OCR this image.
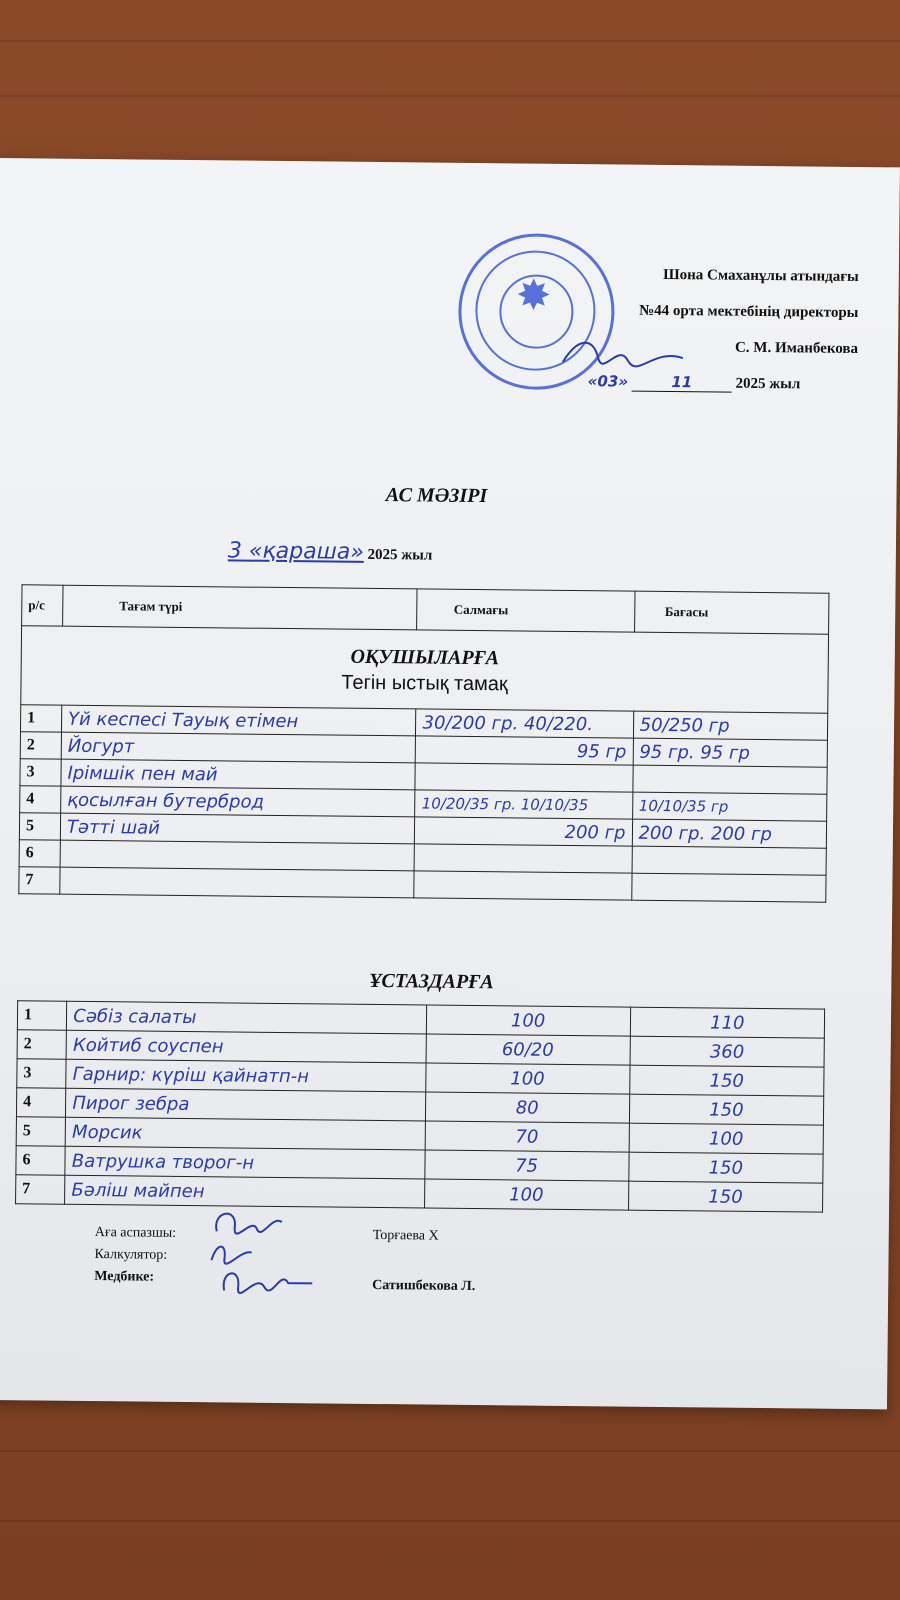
✸	Шона Смаханұлы атындағы
№44 орта мектебінің директоры
С. М. Иманбекова
«03»	11	2025 жыл
АС МӘЗІРІ
3 «қараша» 2025 жыл
р/с	Тағам түрі	Салмағы	Бағасы

ОҚУШЫЛАРҒА
Тегін ыстық тамақ			

1	Үй кеспесі Тауық етімен	30/200 гр. 40/220.	50/250 гр
2	Йогурт	95 гр	95 гр. 95 гр
3	Ірімшік пен май		
4	қосылған бутерброд	10/20/35 гр. 10/10/35	10/10/35 гр
5	Тәтті шай	200 гр	200 гр. 200 гр
6			
7			
ҰСТАЗДАРҒА
1	Сәбіз салаты	100	110
2	Койтиб соуспен	60/20	360
3	Гарнир: күріш қайнатп-н	100	150
4	Пирог зебра	80	150
5	Морсик	70	100
6	Ватрушка творог-н	75	150
7	Бәліш майпен	100	150
Аға аспазшы:	Торғаева Х
Калкулятор:
Медбике:
Сатишбекова Л.
